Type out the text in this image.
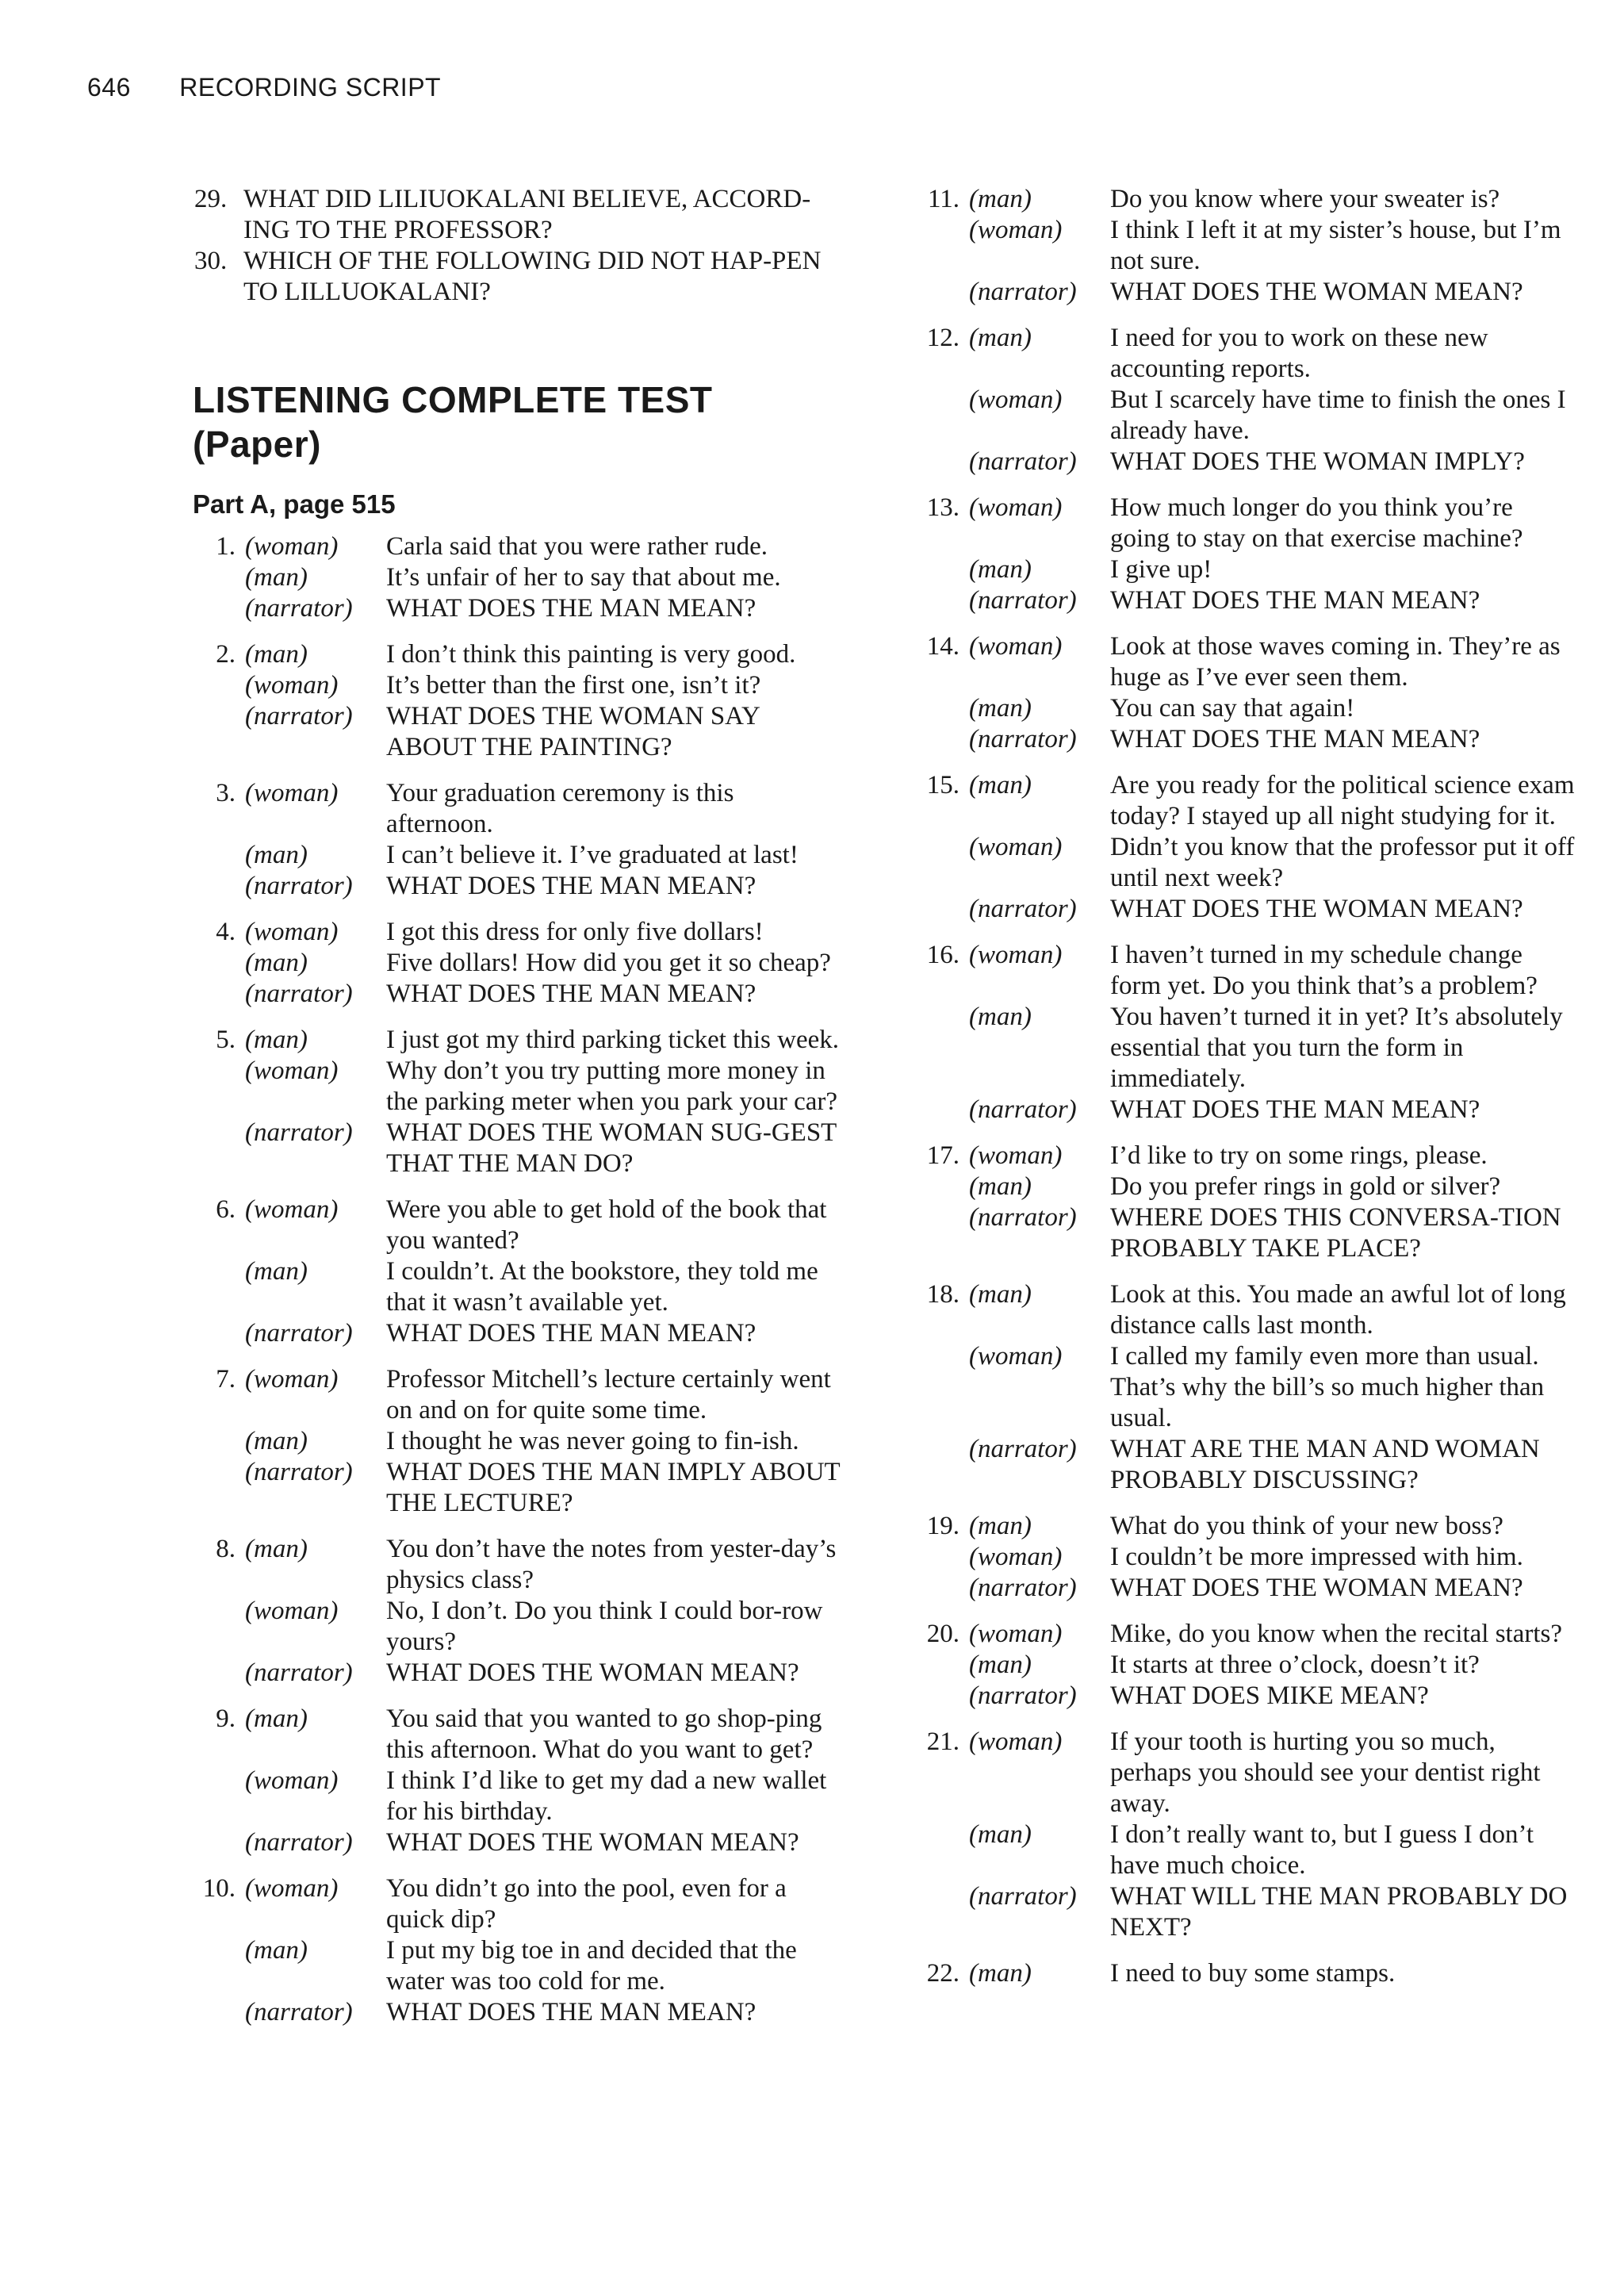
646 RECORDING SCRIPT

29. WHAT DID LILIUOKALANI BELIEVE, ACCORD-ING TO THE PROFESSOR?

30. WHICH OF THE FOLLOWING DID NOT HAP-PEN TO LILLUOKALANI?

LISTENING COMPLETE TEST (Paper)
Part A, page 515
1. (woman)	Carla said that you were rather rude.
(man)	It’s unfair of her to say that about me.
(narrator)	WHAT DOES THE MAN MEAN?
2. (man)	I don’t think this painting is very good.
(woman)	It’s better than the first one, isn’t it?
(narrator)	WHAT DOES THE WOMAN SAY ABOUT THE PAINTING?
3. (woman)	Your graduation ceremony is this afternoon.
(man)	I can’t believe it. I’ve graduated at last!
(narrator)	WHAT DOES THE MAN MEAN?
4. (woman)	I got this dress for only five dollars!
(man)	Five dollars! How did you get it so cheap?
(narrator)	WHAT DOES THE MAN MEAN?
5. (man)	I just got my third parking ticket this week.
(woman)	Why don’t you try putting more money in the parking meter when you park your car?
(narrator)	WHAT DOES THE WOMAN SUG-GEST THAT THE MAN DO?
6. (woman)	Were you able to get hold of the book that you wanted?
(man)	I couldn’t. At the bookstore, they told me that it wasn’t available yet.
(narrator)	WHAT DOES THE MAN MEAN?
7. (woman)	Professor Mitchell’s lecture certainly went on and on for quite some time.
(man)	I thought he was never going to fin-ish.
(narrator)	WHAT DOES THE MAN IMPLY ABOUT THE LECTURE?
8. (man)	You don’t have the notes from yester-day’s physics class?
(woman)	No, I don’t. Do you think I could bor-row yours?
(narrator)	WHAT DOES THE WOMAN MEAN?
9. (man)	You said that you wanted to go shop-ping this afternoon. What do you want to get?
(woman)	I think I’d like to get my dad a new wallet for his birthday.
(narrator)	WHAT DOES THE WOMAN MEAN?
10. (woman)	You didn’t go into the pool, even for a quick dip?
(man)	I put my big toe in and decided that the water was too cold for me.
(narrator)	WHAT DOES THE MAN MEAN?
11. (man)	Do you know where your sweater is?
(woman)	I think I left it at my sister’s house, but I’m not sure.
(narrator)	WHAT DOES THE WOMAN MEAN?
12. (man)	I need for you to work on these new accounting reports.
(woman)	But I scarcely have time to finish the ones I already have.
(narrator)	WHAT DOES THE WOMAN IMPLY?
13. (woman)	How much longer do you think you’re going to stay on that exercise machine?
(man)	I give up!
(narrator)	WHAT DOES THE MAN MEAN?
14. (woman)	Look at those waves coming in. They’re as huge as I’ve ever seen them.
(man)	You can say that again!
(narrator)	WHAT DOES THE MAN MEAN?
15. (man)	Are you ready for the political science exam today? I stayed up all night studying for it.
(woman)	Didn’t you know that the professor put it off until next week?
(narrator)	WHAT DOES THE WOMAN MEAN?
16. (woman)	I haven’t turned in my schedule change form yet. Do you think that’s a problem?
(man)	You haven’t turned it in yet? It’s absolutely essential that you turn the form in immediately.
(narrator)	WHAT DOES THE MAN MEAN?
17. (woman)	I’d like to try on some rings, please.
(man)	Do you prefer rings in gold or silver?
(narrator)	WHERE DOES THIS CONVERSA-TION PROBABLY TAKE PLACE?
18. (man)	Look at this. You made an awful lot of long distance calls last month.
(woman)	I called my family even more than usual. That’s why the bill’s so much higher than usual.
(narrator)	WHAT ARE THE MAN AND WOMAN PROBABLY DISCUSSING?
19. (man)	What do you think of your new boss?
(woman)	I couldn’t be more impressed with him.
(narrator)	WHAT DOES THE WOMAN MEAN?
20. (woman)	Mike, do you know when the recital starts?
(man)	It starts at three o’clock, doesn’t it?
(narrator)	WHAT DOES MIKE MEAN?
21. (woman)	If your tooth is hurting you so much, perhaps you should see your dentist right away.
(man)	I don’t really want to, but I guess I don’t have much choice.
(narrator)	WHAT WILL THE MAN PROBABLY DO NEXT?
22. (man)	I need to buy some stamps.
